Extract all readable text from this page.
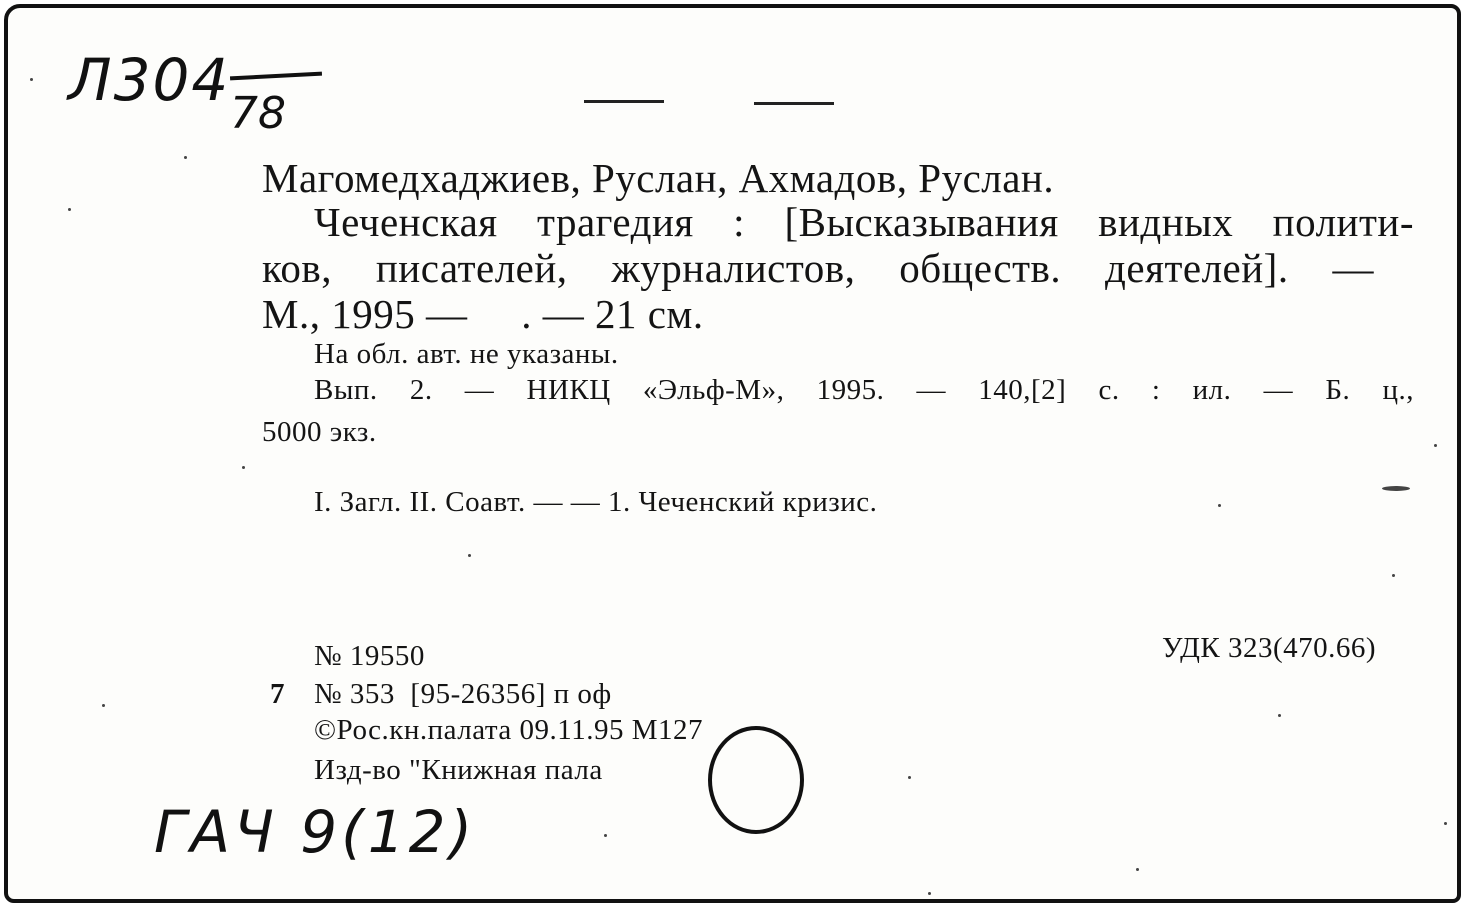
Л304 78
Магомедхаджиев, Руслан, Ахмадов, Руслан.
Чеченская трагедия : [Высказывания видных полити-
ков, писателей, журналистов, обществ. деятелей]. —
М., 1995 —     . — 21 см.
На обл. авт. не указаны.
Вып. 2. — НИКЦ «Эльф-М», 1995. — 140,[2] с. : ил. — Б. ц.,
5000 экз.
I. Загл. II. Соавт. — — 1. Чеченский кризис.
№ 19550	УДК 323(470.66)
7 № 353  [95-26356] п оф
©Рос.кн.палата 09.11.95 М127
Изд-во "Книжная пала
ГАЧ 9(12)
